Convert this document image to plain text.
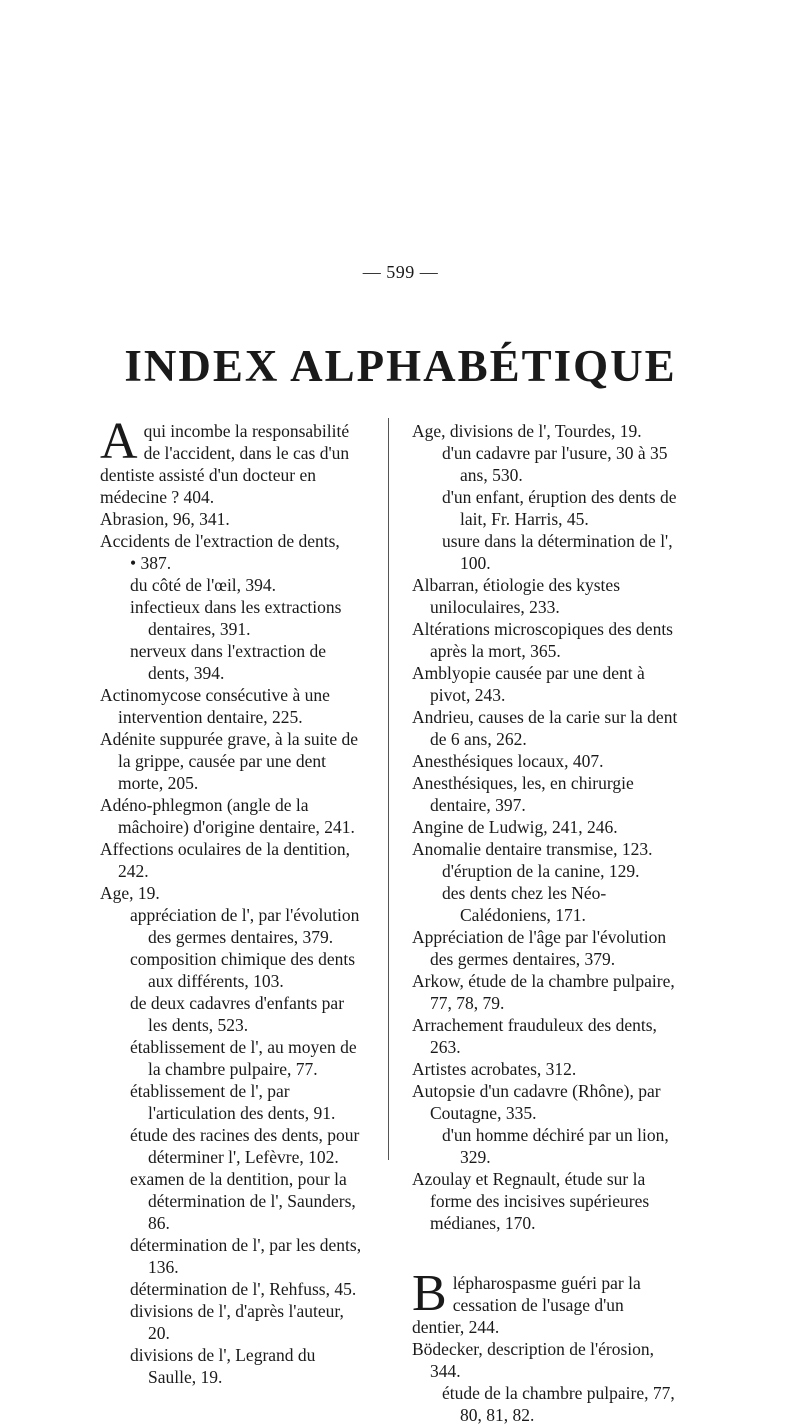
— 599 —
INDEX ALPHABÉTIQUE

Aqui incombe la responsabilité de l'accident, dans le cas d'un dentiste assisté d'un docteur en médecine ? 404.

Abrasion, 96, 341.

Accidents de l'extraction de dents,

• 387.

du côté de l'œil, 394.

infectieux dans les extractions dentaires, 391.

nerveux dans l'extraction de dents, 394.

Actinomycose consécutive à une intervention dentaire, 225.

Adénite suppurée grave, à la suite de la grippe, causée par une dent morte, 205.

Adéno-phlegmon (angle de la mâchoire) d'origine dentaire, 241.

Affections oculaires de la dentition, 242.

Age, 19.

appréciation de l', par l'évolution des germes dentaires, 379.

composition chimique des dents aux différents, 103.

de deux cadavres d'enfants par les dents, 523.

établissement de l', au moyen de la chambre pulpaire, 77.

établissement de l', par l'articulation des dents, 91.

étude des racines des dents, pour déterminer l', Lefèvre, 102.

examen de la dentition, pour la détermination de l', Saunders, 86.

détermination de l', par les dents, 136.

détermination de l', Rehfuss, 45.

divisions de l', d'après l'auteur, 20.

divisions de l', Legrand du Saulle, 19.

Age, divisions de l', Tourdes, 19.

d'un cadavre par l'usure, 30 à 35 ans, 530.

d'un enfant, éruption des dents de lait, Fr. Harris, 45.

usure dans la détermination de l', 100.

Albarran, étiologie des kystes uniloculaires, 233.

Altérations microscopiques des dents après la mort, 365.

Amblyopie causée par une dent à pivot, 243.

Andrieu, causes de la carie sur la dent de 6 ans, 262.

Anesthésiques locaux, 407.

Anesthésiques, les, en chirurgie dentaire, 397.

Angine de Ludwig, 241, 246.

Anomalie dentaire transmise, 123.

d'éruption de la canine, 129.

des dents chez les Néo-Calédoniens, 171.

Appréciation de l'âge par l'évolution des germes dentaires, 379.

Arkow, étude de la chambre pulpaire, 77, 78, 79.

Arrachement frauduleux des dents, 263.

Artistes acrobates, 312.

Autopsie d'un cadavre (Rhône), par Coutagne, 335.

d'un homme déchiré par un lion, 329.

Azoulay et Regnault, étude sur la forme des incisives supérieures médianes, 170.

Blépharospasme guéri par la cessation de l'usage d'un dentier, 244.

Bödecker, description de l'érosion, 344.

étude de la chambre pulpaire, 77, 80, 81, 82.
